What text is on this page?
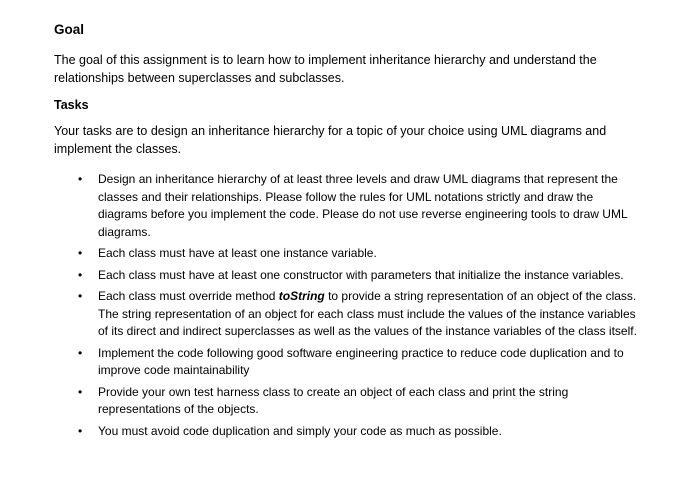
Goal

The goal of this assignment is to learn how to implement inheritance hierarchy and understand the relationships between superclasses and subclasses.

Tasks

Your tasks are to design an inheritance hierarchy for a topic of your choice using UML diagrams and implement the classes.

• Design an inheritance hierarchy of at least three levels and draw UML diagrams that represent the classes and their relationships. Please follow the rules for UML notations strictly and draw the diagrams before you implement the code. Please do not use reverse engineering tools to draw UML diagrams.
• Each class must have at least one instance variable.
• Each class must have at least one constructor with parameters that initialize the instance variables.
• Each class must override method toString to provide a string representation of an object of the class. The string representation of an object for each class must include the values of the instance variables of its direct and indirect superclasses as well as the values of the instance variables of the class itself.
• Implement the code following good software engineering practice to reduce code duplication and to improve code maintainability
• Provide your own test harness class to create an object of each class and print the string representations of the objects.
• You must avoid code duplication and simply your code as much as possible.
